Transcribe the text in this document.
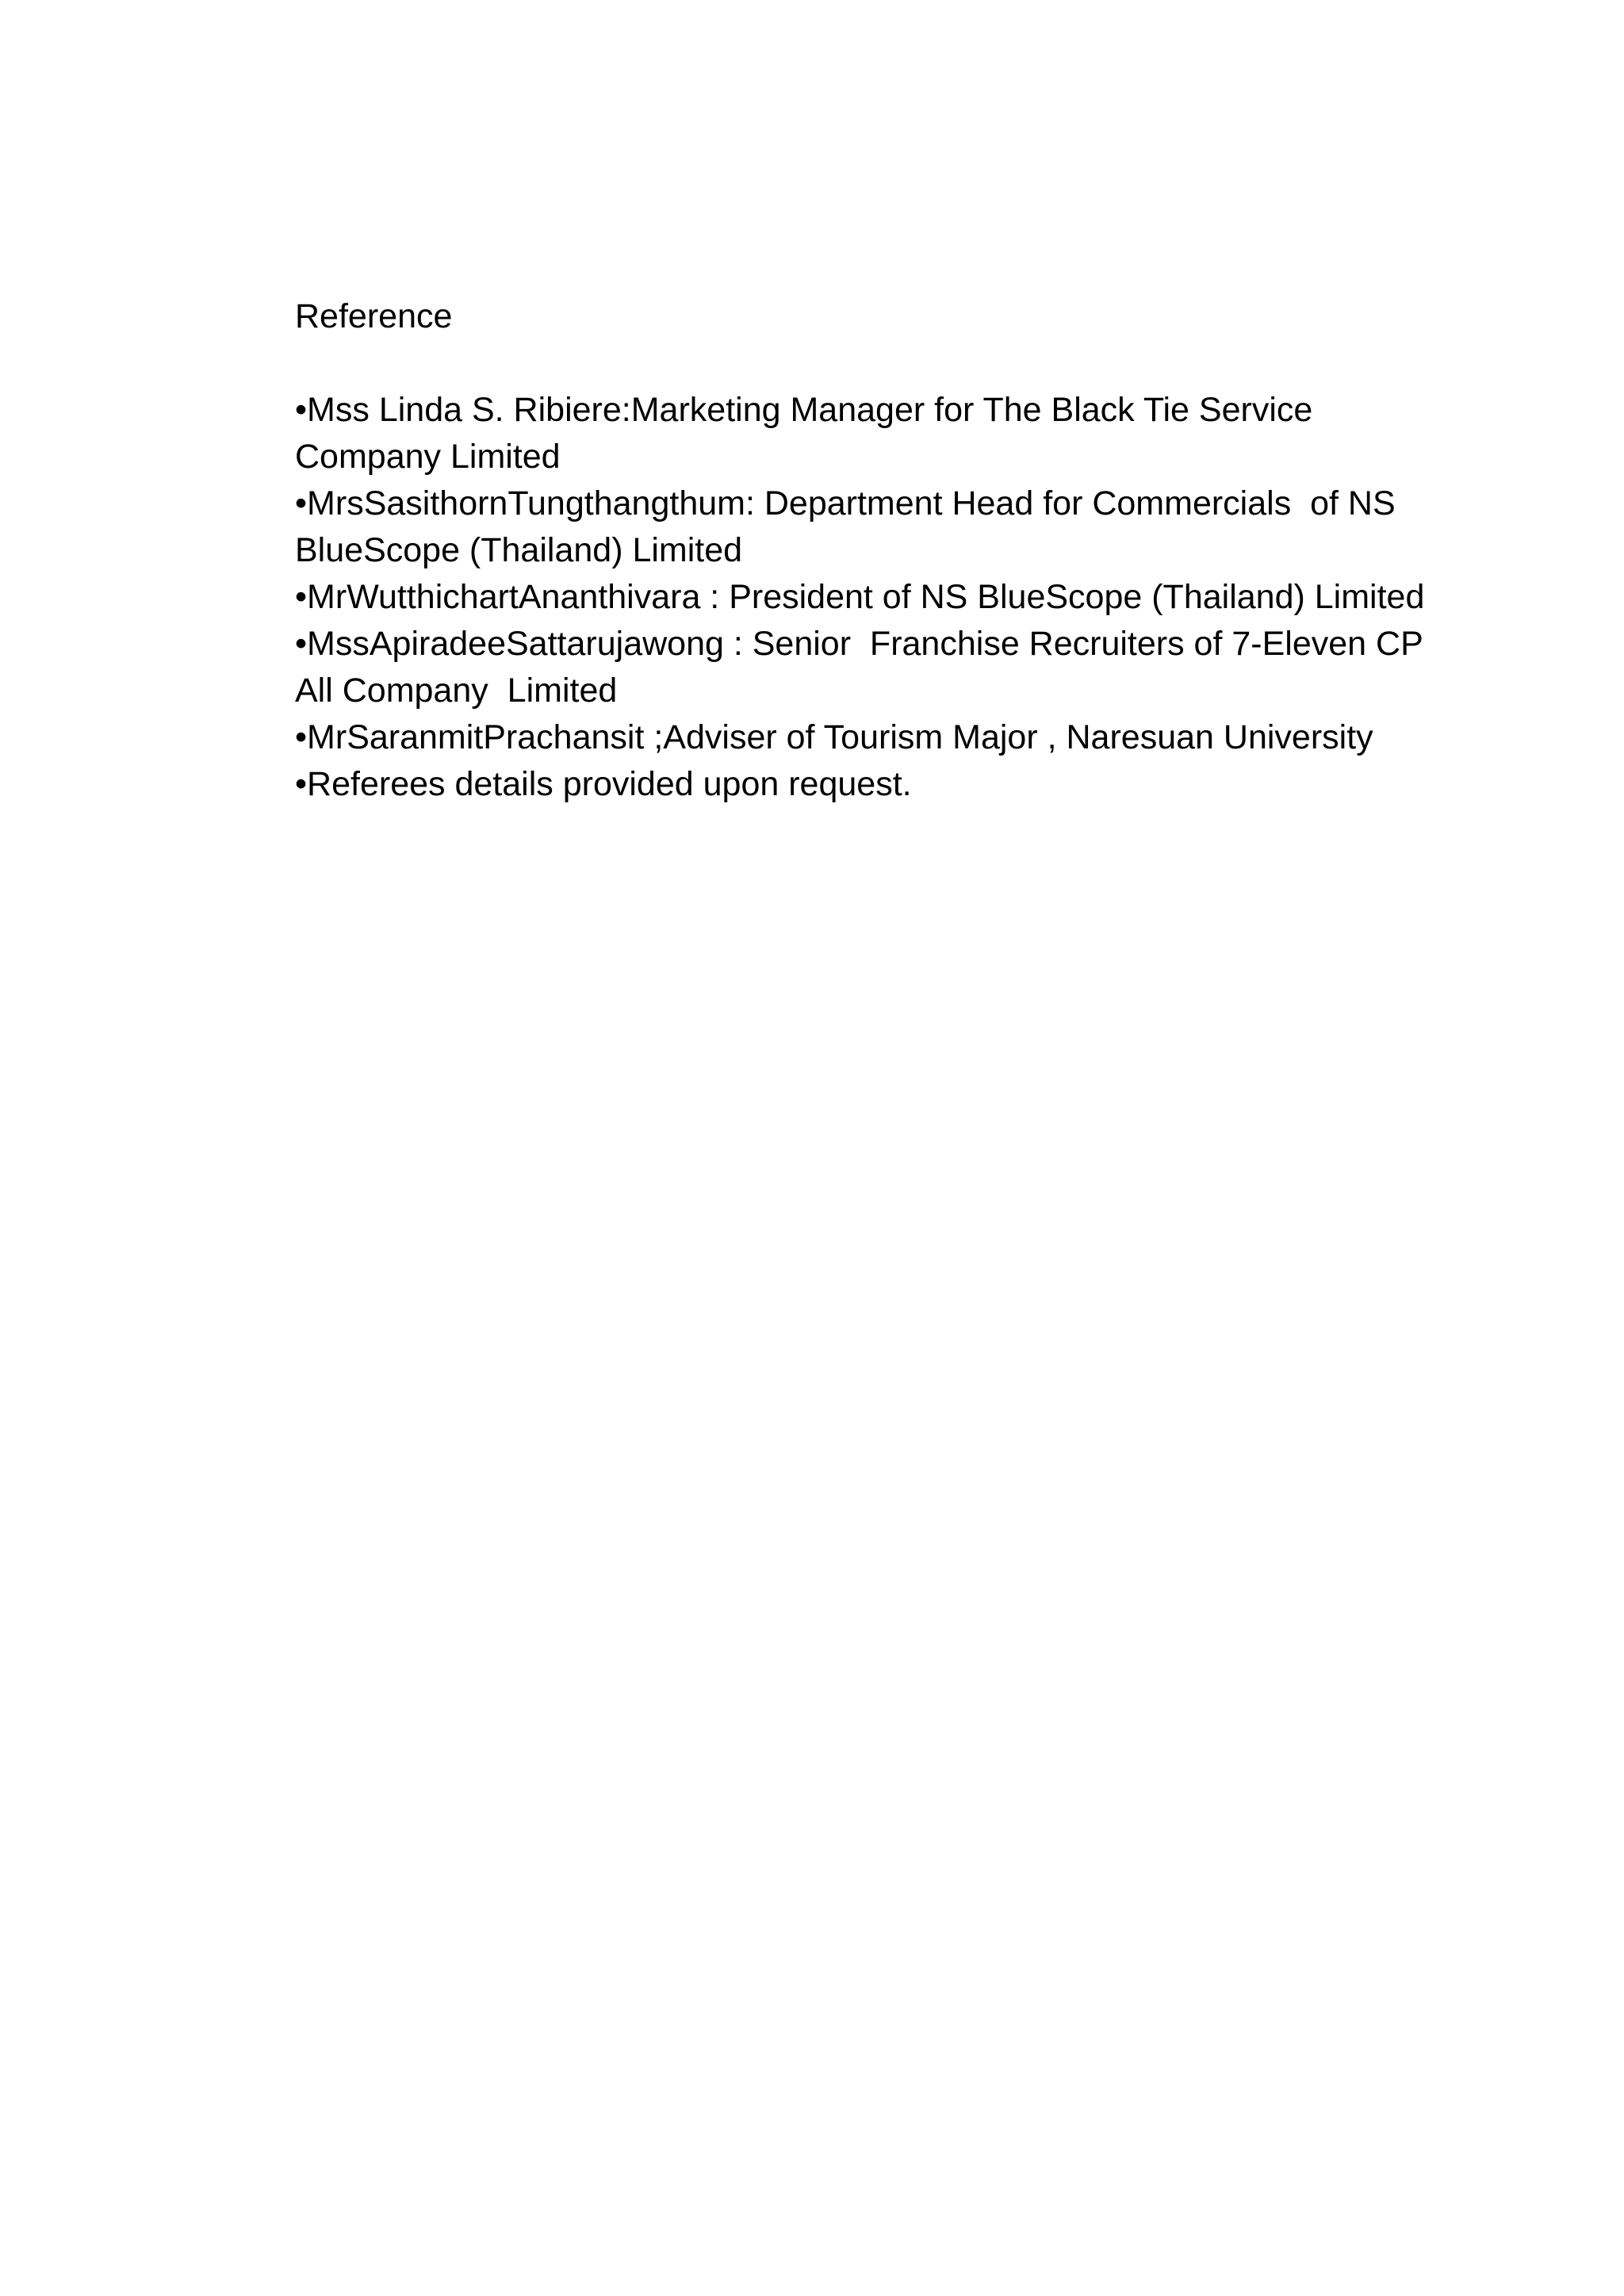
Reference
•Mss Linda S. Ribiere:Marketing Manager for The Black Tie Service Company Limited
•MrsSasithornTungthangthum: Department Head for Commercials  of NS BlueScope (Thailand) Limited
•MrWutthichartAnanthivara : President of NS BlueScope (Thailand) Limited
•MssApiradeeSattarujawong : Senior  Franchise Recruiters of 7-Eleven CP All Company  Limited
•MrSaranmitPrachansit ;Adviser of Tourism Major , Naresuan University
•Referees details provided upon request.
